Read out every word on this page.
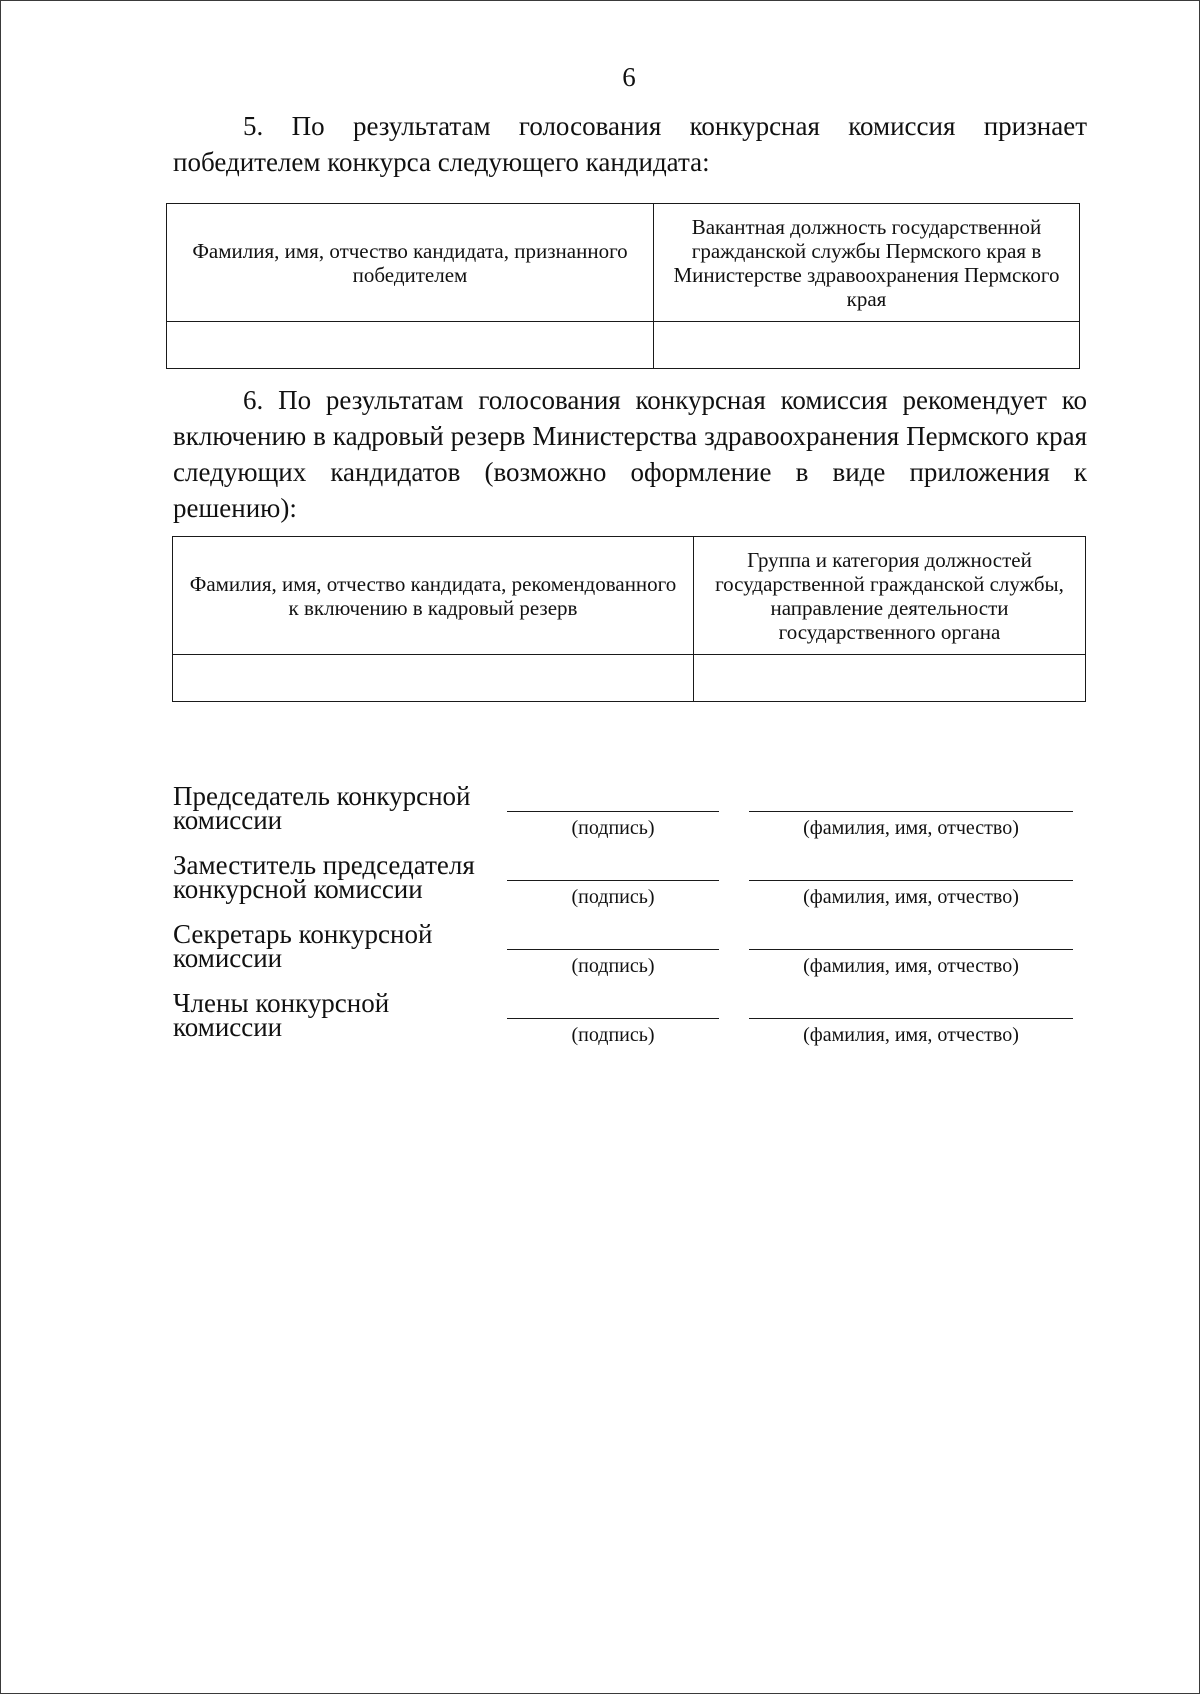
6
5. По результатам голосования конкурсная комиссия признает победителем конкурса следующего кандидата:
Фамилия, имя, отчество кандидата, признанного победителем	Вакантная должность государственной гражданской службы Пермского края в Министерстве здравоохранения Пермского края

6. По результатам голосования конкурсная комиссия рекомендует ко включению в кадровый резерв Министерства здравоохранения Пермского края следующих кандидатов (возможно оформление в виде приложения к решению):
Фамилия, имя, отчество кандидата, рекомендованного к включению в кадровый резерв	Группа и категория должностей государственной гражданской службы, направление деятельности государственного органа

Председатель конкурсной
комиссии	(подпись)	(фамилия, имя, отчество)
Заместитель председателя
конкурсной комиссии	(подпись)	(фамилия, имя, отчество)
Секретарь конкурсной
комиссии	(подпись)	(фамилия, имя, отчество)
Члены конкурсной
комиссии	(подпись)	(фамилия, имя, отчество)
